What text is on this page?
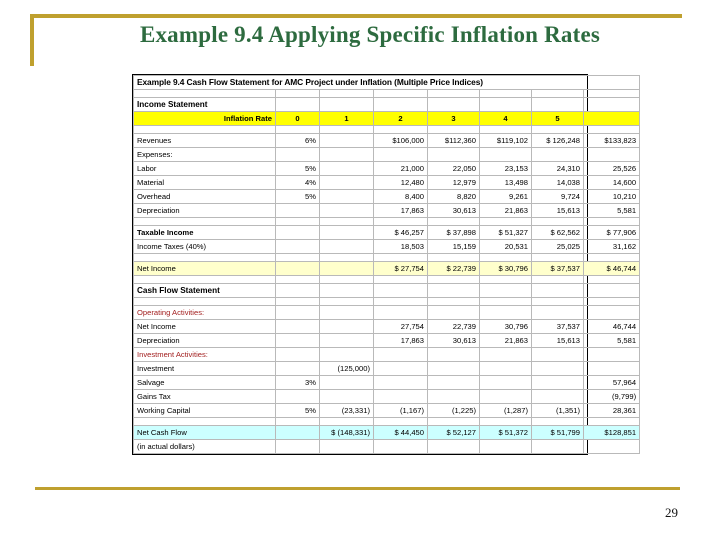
Example 9.4 Applying Specific Inflation Rates
Example 9.4 Cash Flow Statement for AMC Project under Inflation (Multiple Price Indices)							

Income Statement							
Inflation Rate	0	1	2	3	4	5	

Revenues	6%		$106,000	$112,360	$119,102	$ 126,248	$133,823
Expenses:							
Labor	5%		21,000	22,050	23,153	24,310	25,526
Material	4%		12,480	12,979	13,498	14,038	14,600
Overhead	5%		8,400	8,820	9,261	9,724	10,210
Depreciation			17,863	30,613	21,863	15,613	5,581

Taxable Income			$ 46,257	$ 37,898	$ 51,327	$ 62,562	$ 77,906
Income Taxes (40%)			18,503	15,159	20,531	25,025	31,162

Net Income			$ 27,754	$ 22,739	$ 30,796	$ 37,537	$ 46,744

Cash Flow Statement							

Operating Activities:							
Net Income			27,754	22,739	30,796	37,537	46,744
Depreciation			17,863	30,613	21,863	15,613	5,581
Investment Activities:							
Investment		(125,000)					
Salvage	3%						57,964
Gains Tax							(9,799)
Working Capital	5%	(23,331)	(1,167)	(1,225)	(1,287)	(1,351)	28,361

Net Cash Flow		$ (148,331)	$ 44,450	$ 52,127	$ 51,372	$ 51,799	$128,851
(in actual dollars)							
29
